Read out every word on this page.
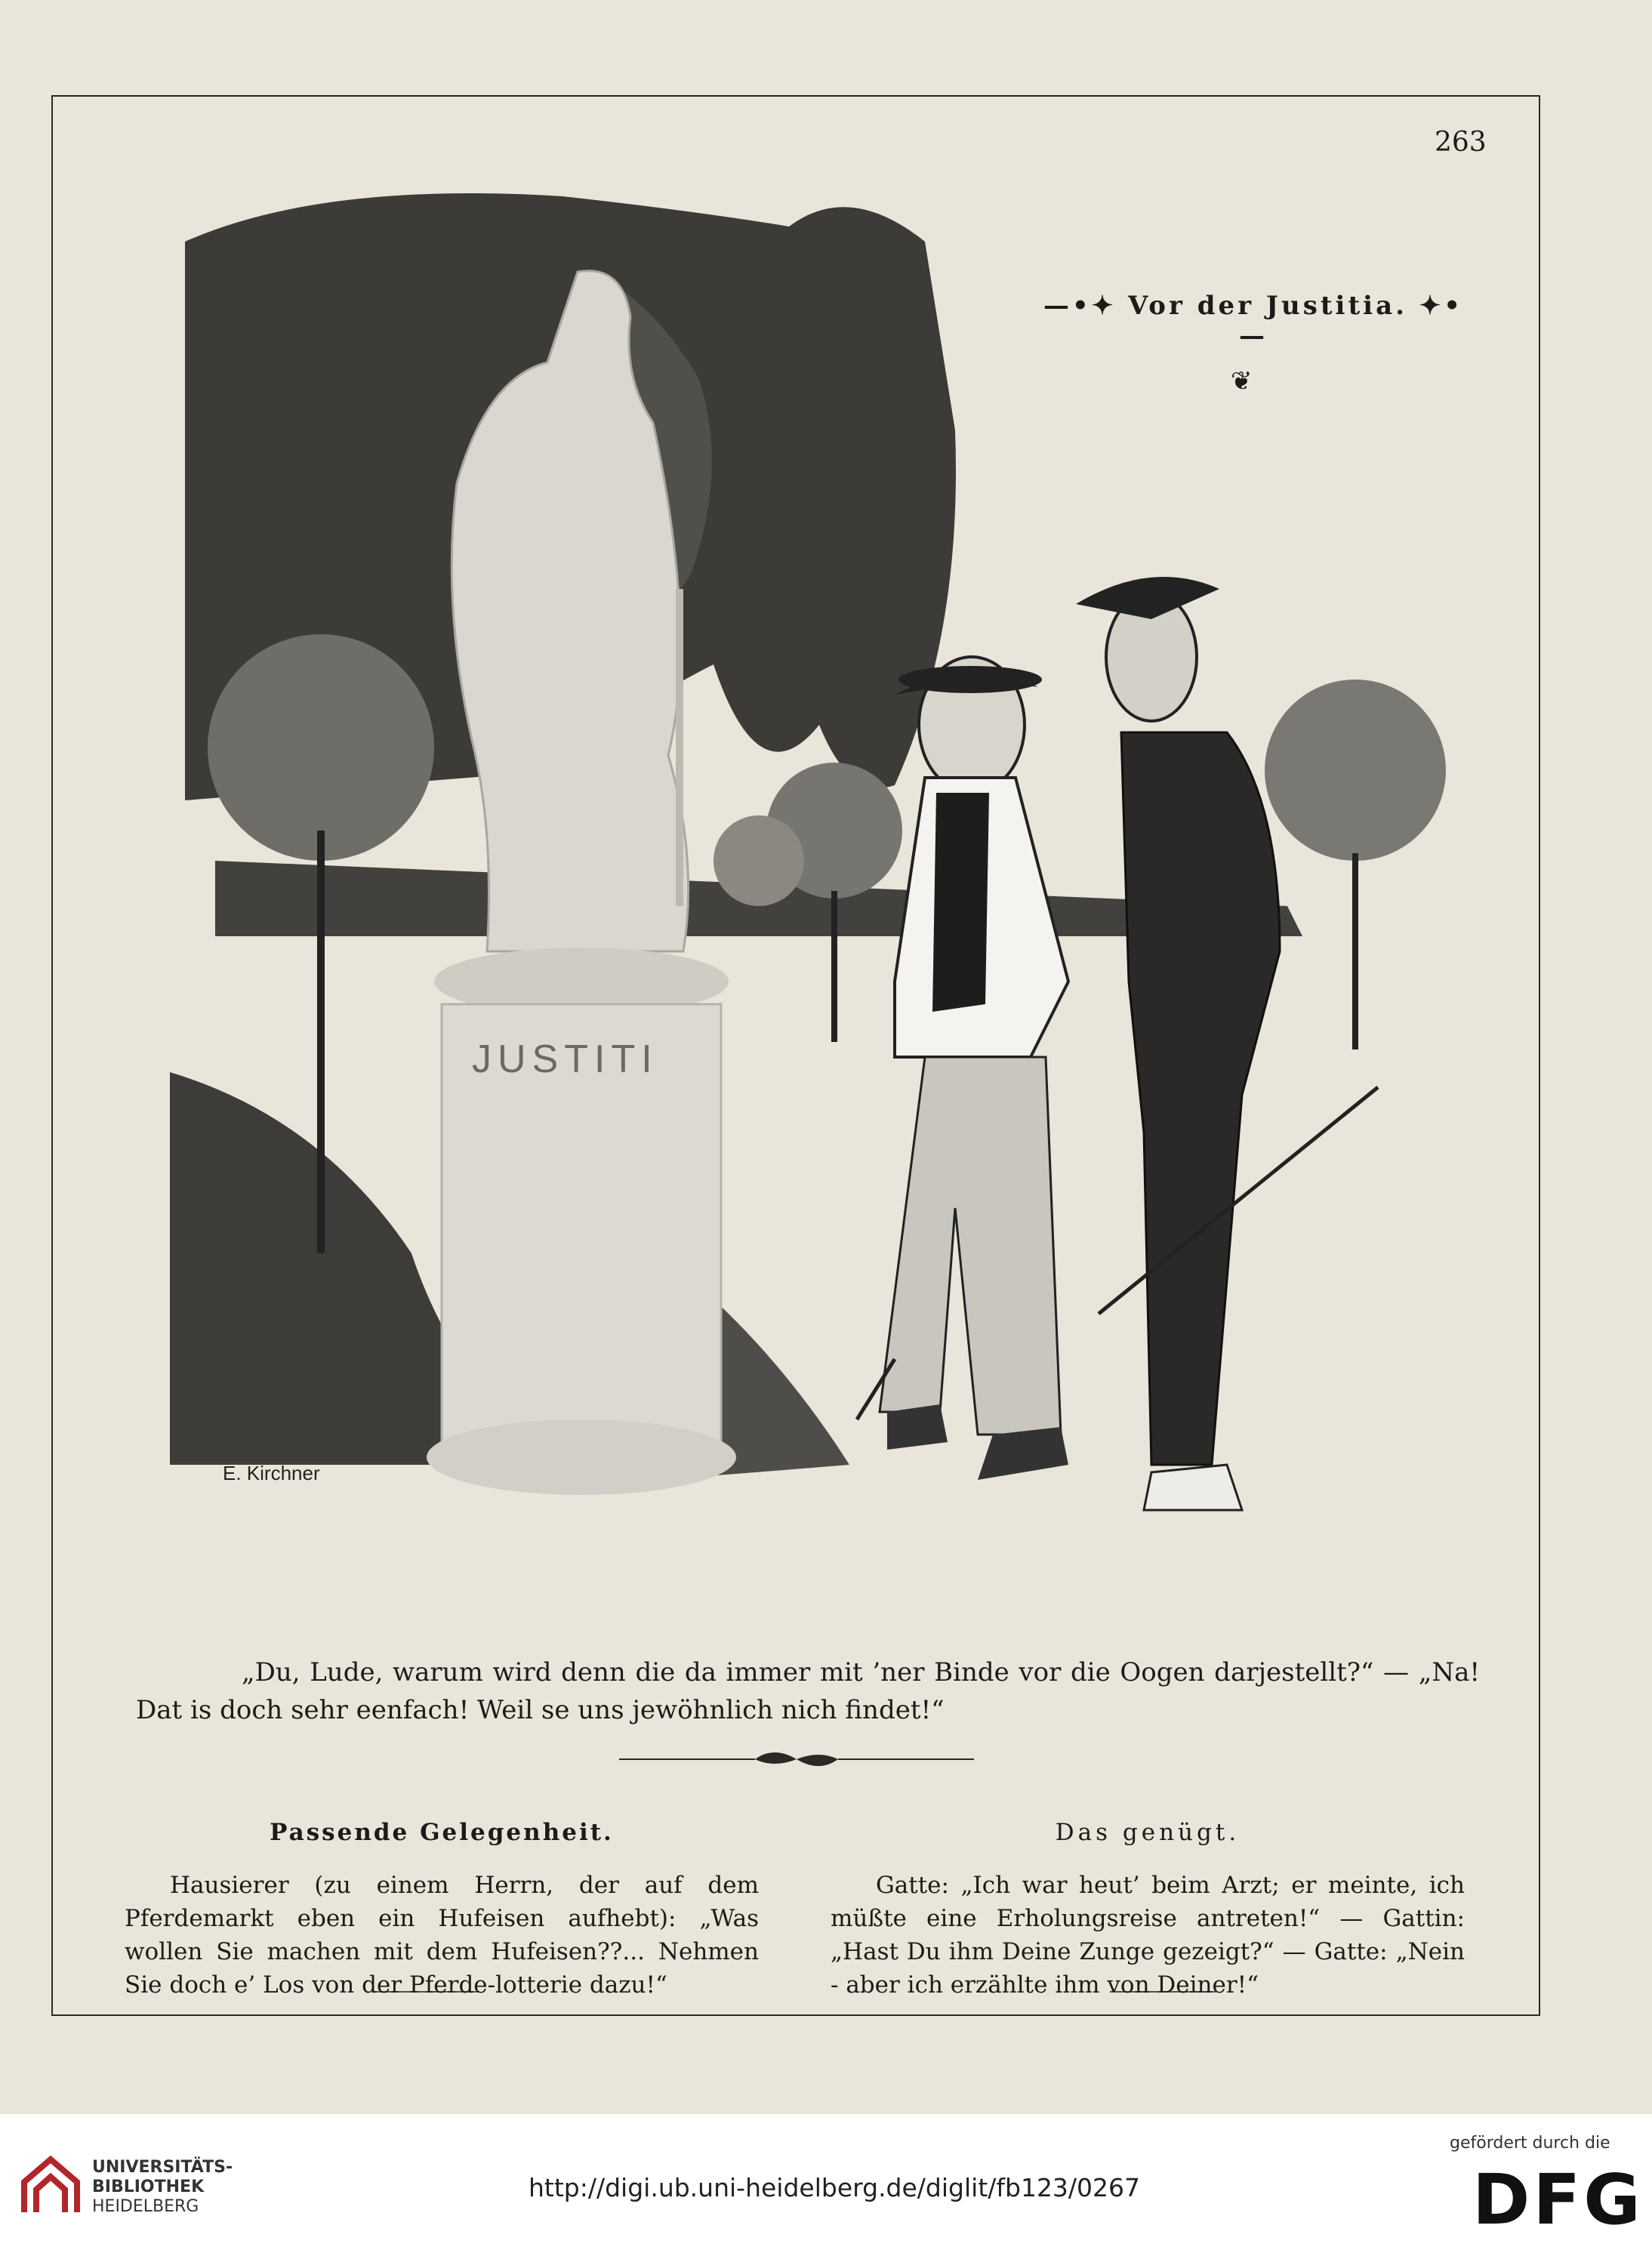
263
JUSTITI
E. Kirchner
—•✦ Vor der Justitia. ✦•—
❦
„Du, Lude, warum wird denn die da immer mit ’ner Binde vor die Oogen darjestellt?“ — „Na! Dat is doch sehr eenfach! Weil se uns jewöhnlich nich findet!“
Passende Gelegenheit.
Hausierer (zu einem Herrn, der auf dem Pferdemarkt eben ein Hufeisen aufhebt): „Was wollen Sie machen mit dem Hufeisen??... Nehmen Sie doch e’ Los von der Pferde-lotterie dazu!“
Das genügt.
Gatte: „Ich war heut’ beim Arzt; er meinte, ich müßte eine Erholungsreise antreten!“ — Gattin: „Hast Du ihm Deine Zunge gezeigt?“ — Gatte: „Nein - aber ich erzählte ihm von Deiner!“
UNIVERSITÄTS-
BIBLIOTHEK
HEIDELBERG
http://digi.ub.uni-heidelberg.de/diglit/fb123/0267
gefördert durch die
DFG
